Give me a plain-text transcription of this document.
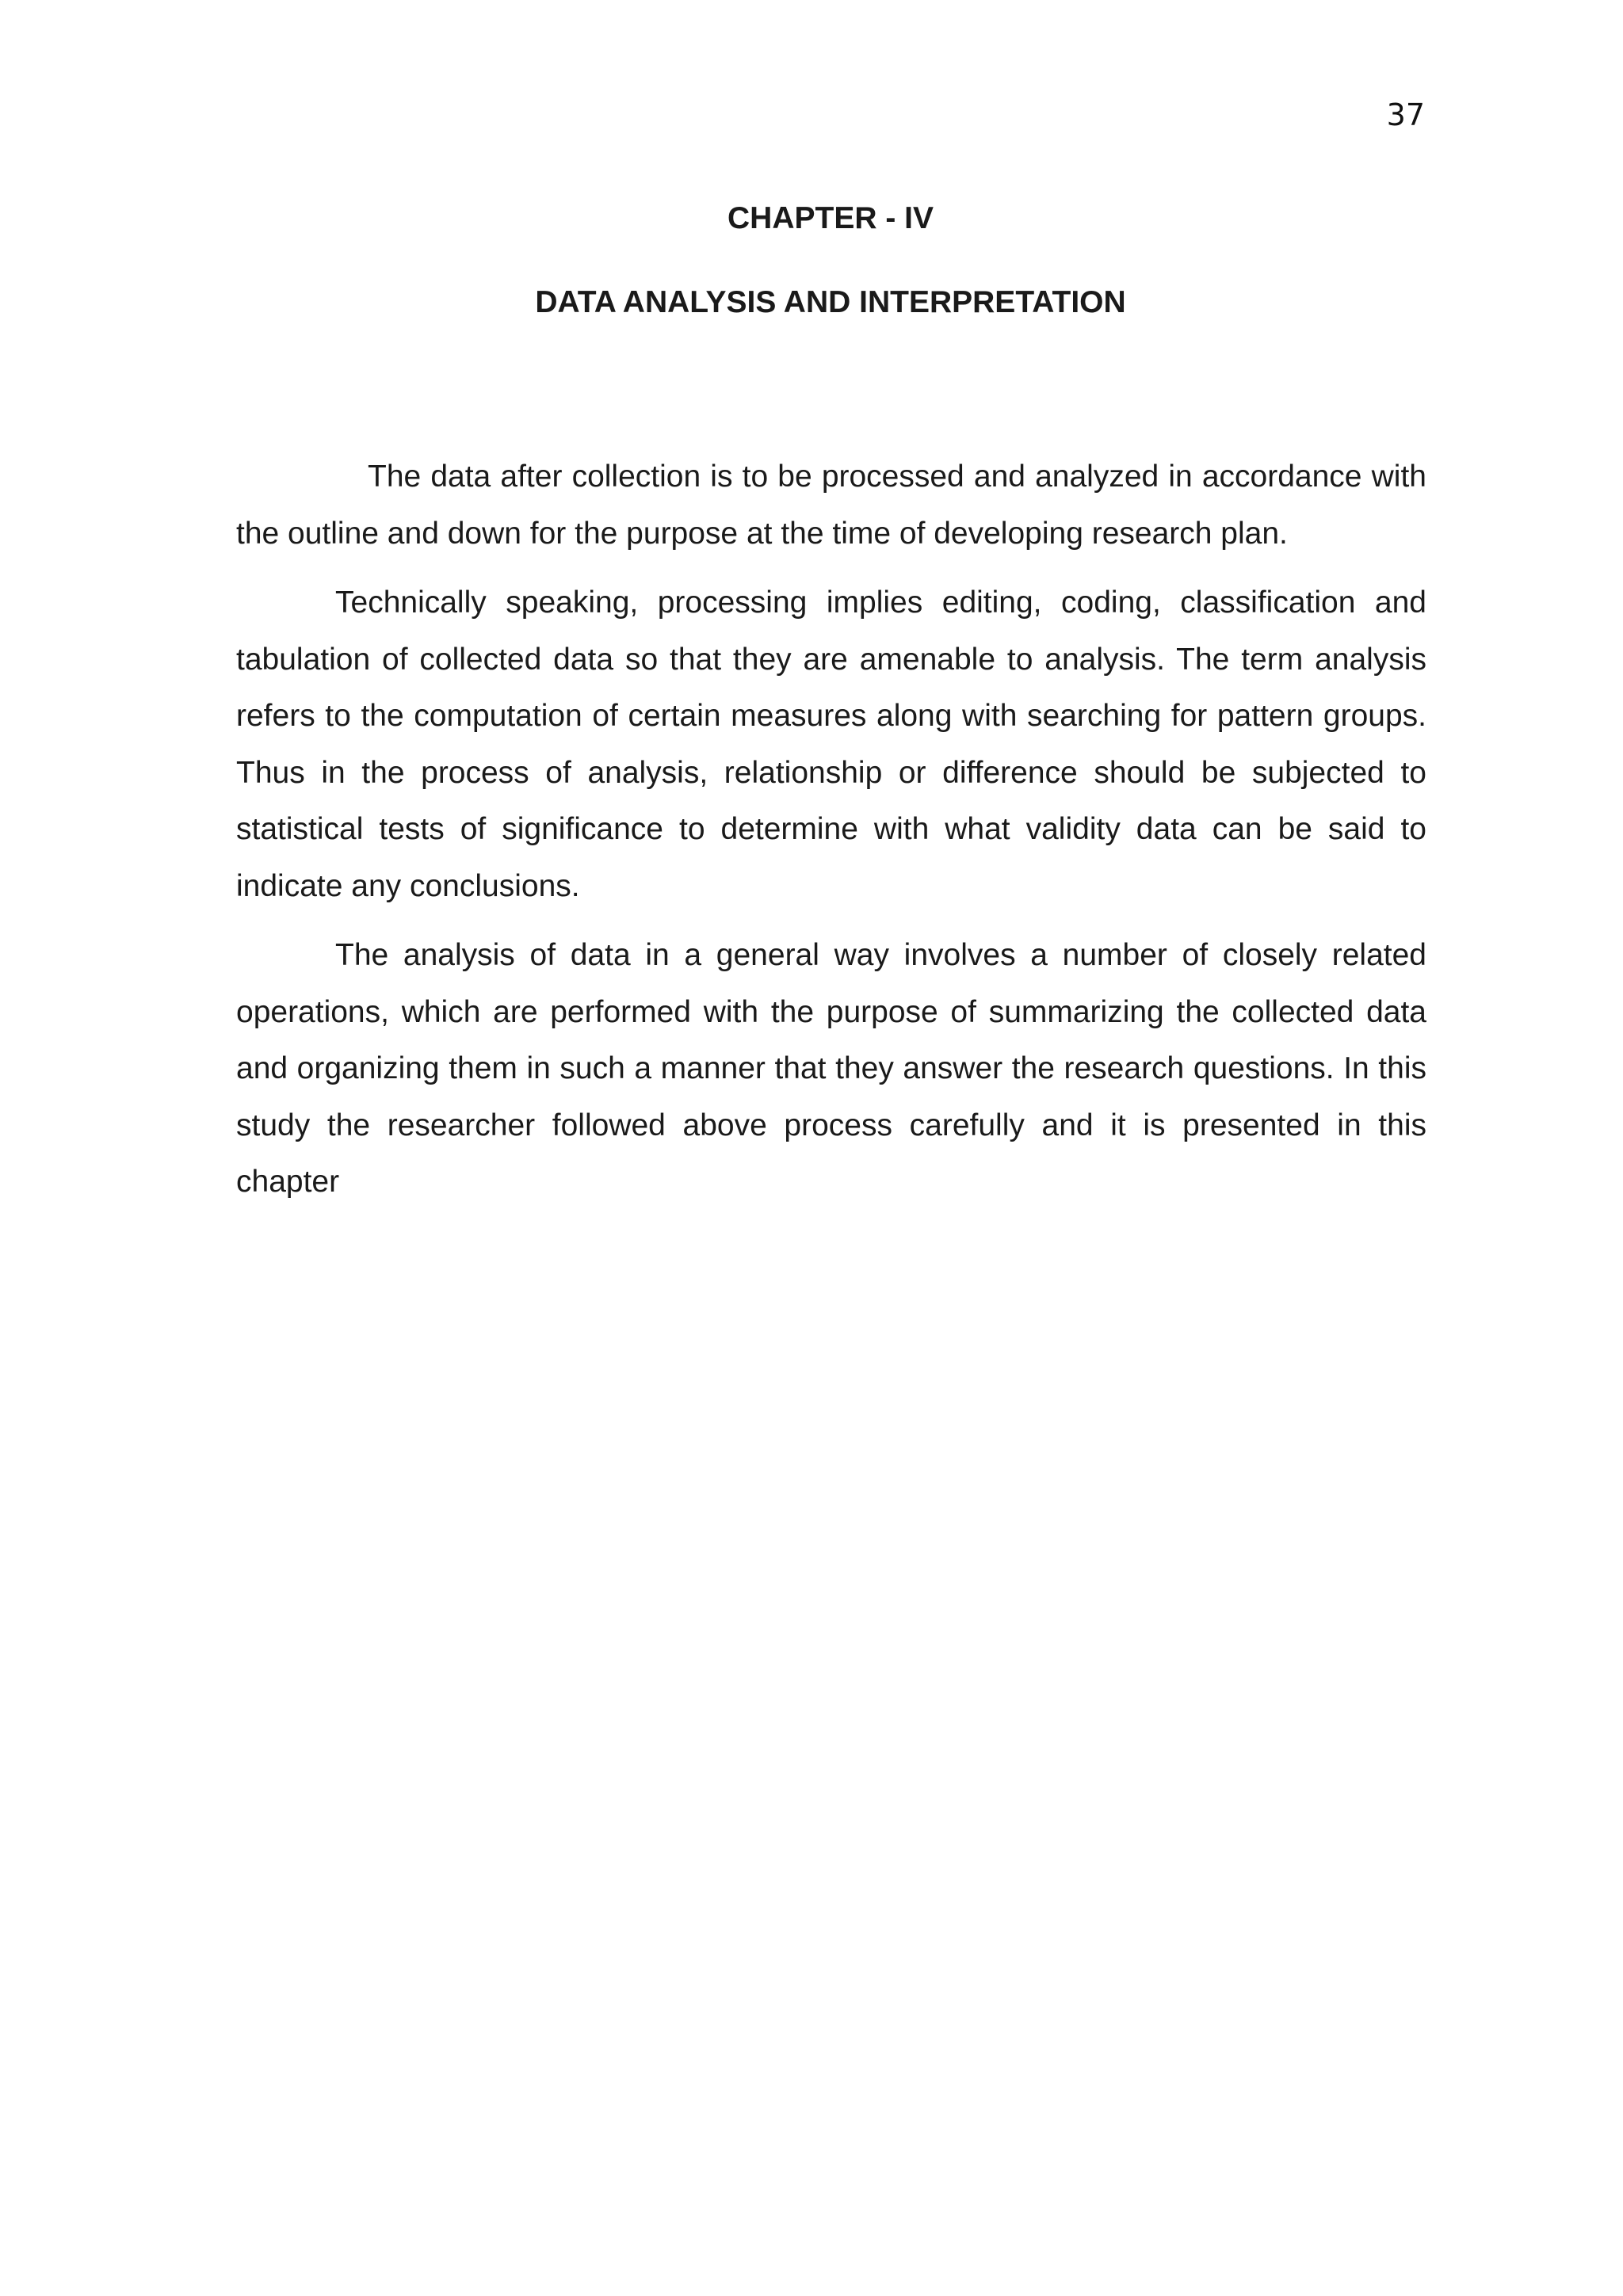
37

CHAPTER - IV
DATA ANALYSIS AND INTERPRETATION

The data after collection is to be processed and analyzed in accordance with the outline and down for the purpose at the time of developing research plan.

Technically speaking, processing implies editing, coding, classification and tabulation of collected data so that they are amenable to analysis. The term analysis refers to the computation of certain measures along with searching for pattern groups. Thus in the process of analysis, relationship or difference should be subjected to statistical tests of significance to determine with what validity data can be said to indicate any conclusions.

The analysis of data in a general way involves a number of closely related operations, which are performed with the purpose of summarizing the collected data and organizing them in such a manner that they answer the research questions. In this study the researcher followed above process carefully and it is presented in this chapter
